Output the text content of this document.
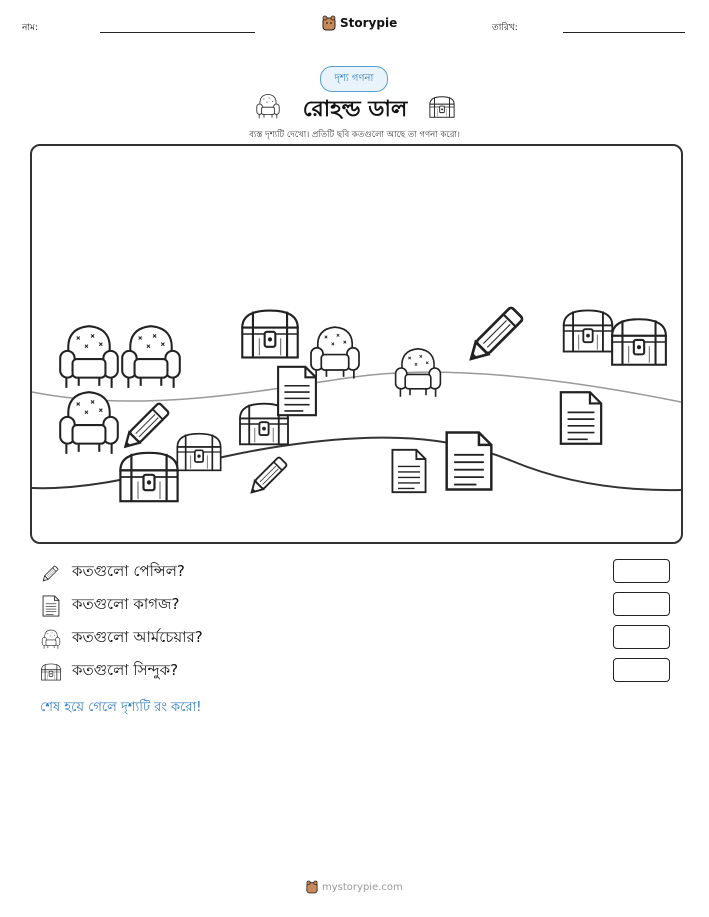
নাম:	Storypie	তারিখ:
দৃশ্য গণনা
রোহল্ড ডাল
ব্যস্ত দৃশ্যটি দেখো। প্রতিটি ছবি কতগুলো আছে তা গণনা করো।
কতগুলো পেন্সিল?
কতগুলো কাগজ?
কতগুলো আর্মচেয়ার?
কতগুলো সিন্দুক?
শেষ হয়ে গেলে দৃশ্যটি রং করো!
mystorypie.com
